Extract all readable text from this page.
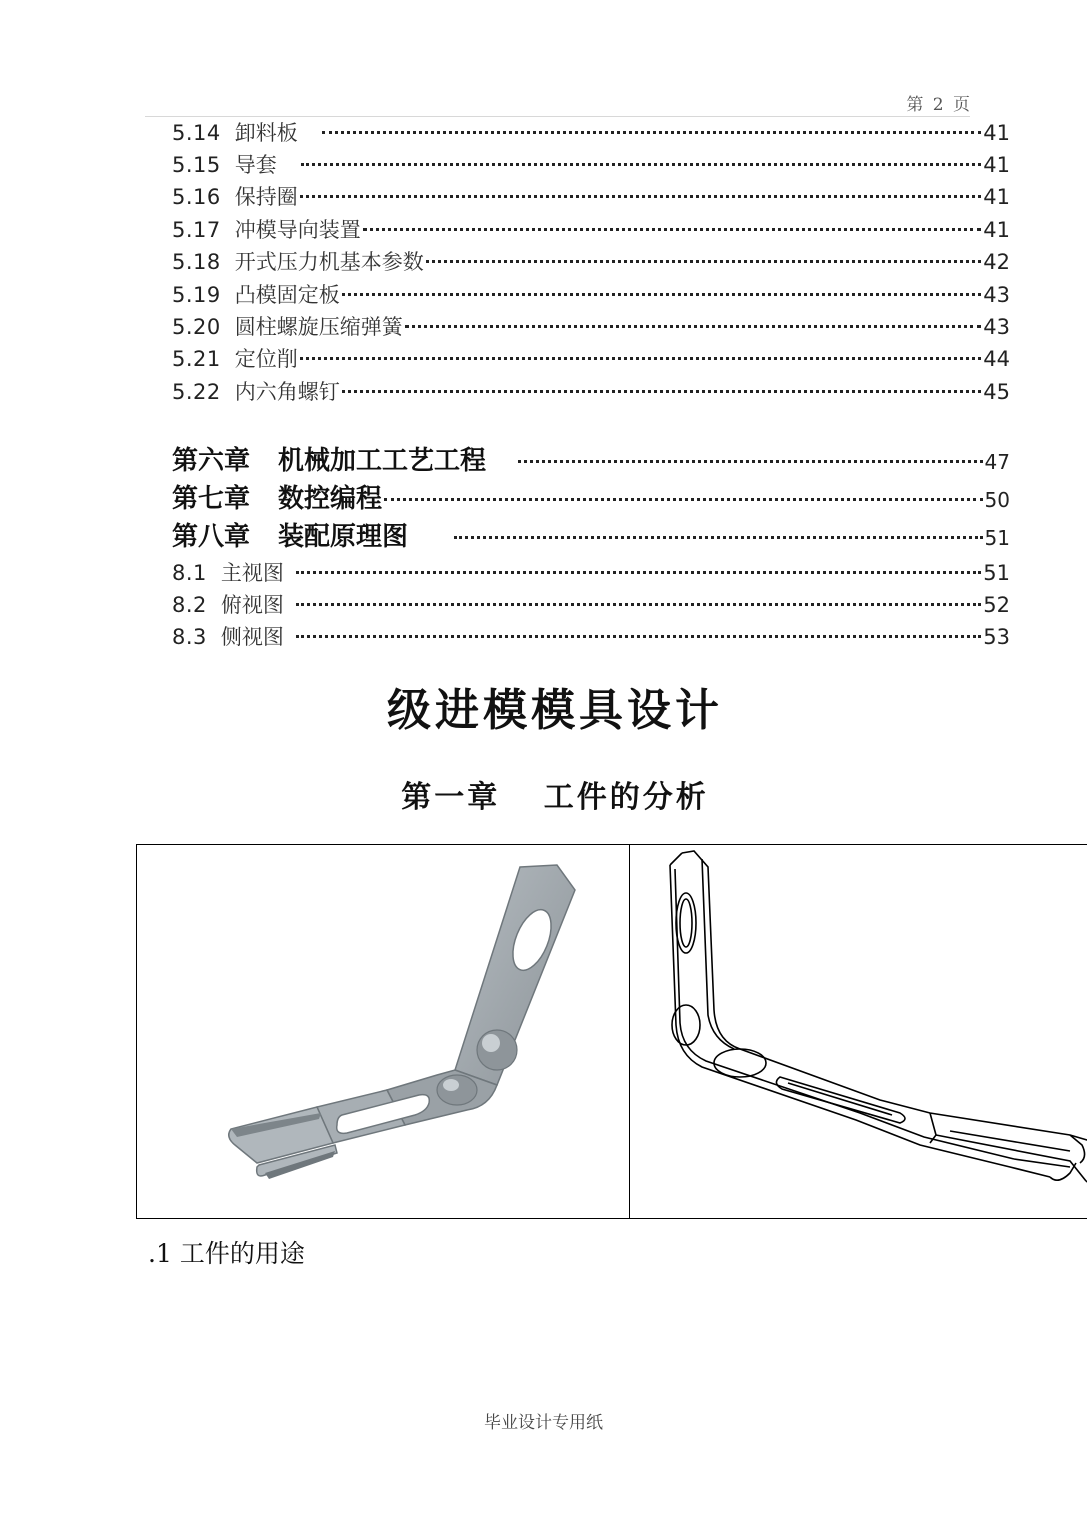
第 2 页
5.14 卸料板	41
5.15 导套	41
5.16 保持圈	41
5.17 冲模导向装置	41
5.18 开式压力机基本参数	42
5.19 凸模固定板	43
5.20 圆柱螺旋压缩弹簧	43
5.21 定位削	44
5.22 内六角螺钉	45
第六章 机械加工工艺工程	47
第七章 数控编程	50
第八章 装配原理图	51
8.1 主视图	51
8.2 俯视图	52
8.3 侧视图	53
级进模模具设计
第一章 工件的分析
.1 工件的用途
毕业设计专用纸
